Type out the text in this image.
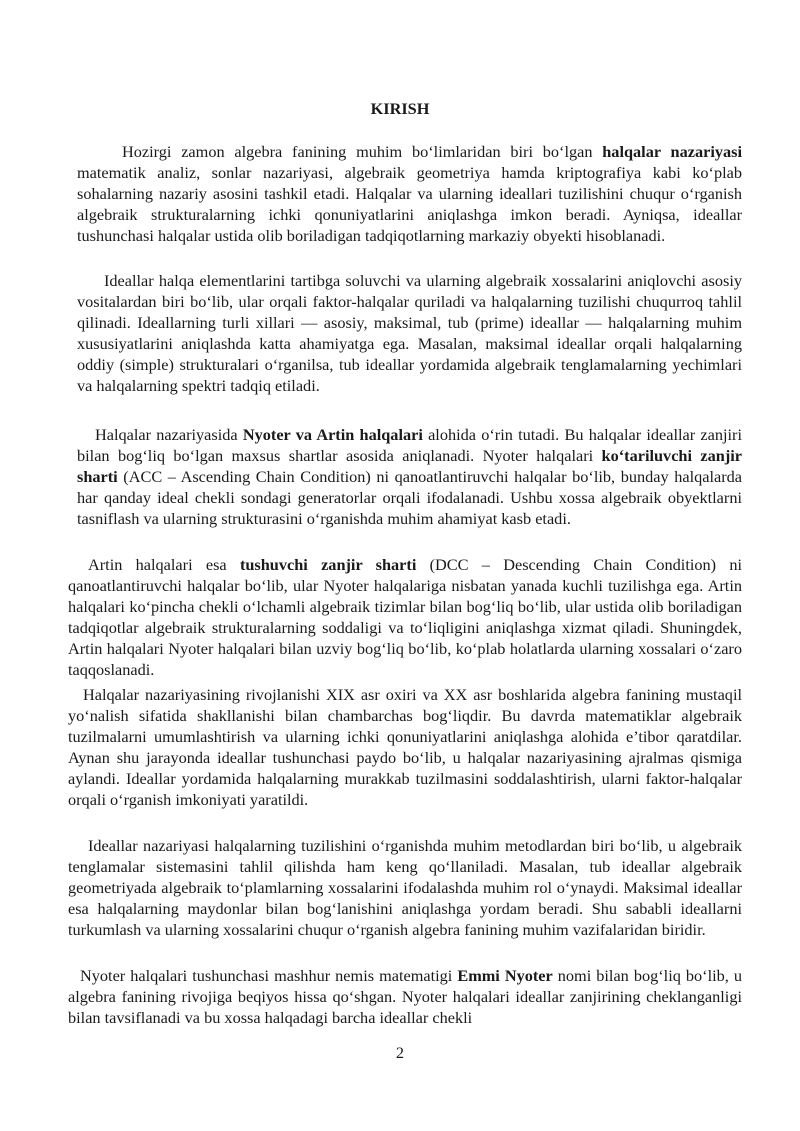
KIRISH

Hozirgi zamon algebra fanining muhim bo‘limlaridan biri bo‘lgan halqalar nazariyasi matematik analiz, sonlar nazariyasi, algebraik geometriya hamda kriptografiya kabi ko‘plab sohalarning nazariy asosini tashkil etadi. Halqalar va ularning ideallari tuzilishini chuqur o‘rganish algebraik strukturalarning ichki qonuniyatlarini aniqlashga imkon beradi. Ayniqsa, ideallar tushunchasi halqalar ustida olib boriladigan tadqiqotlarning markaziy obyekti hisoblanadi.

Ideallar halqa elementlarini tartibga soluvchi va ularning algebraik xossalarini aniqlovchi asosiy vositalardan biri bo‘lib, ular orqali faktor-halqalar quriladi va halqalarning tuzilishi chuqurroq tahlil qilinadi. Ideallarning turli xillari — asosiy, maksimal, tub (prime) ideallar — halqalarning muhim xususiyatlarini aniqlashda katta ahamiyatga ega. Masalan, maksimal ideallar orqali halqalarning oddiy (simple) strukturalari o‘rganilsa, tub ideallar yordamida algebraik tenglamalarning yechimlari va halqalarning spektri tadqiq etiladi.

Halqalar nazariyasida Nyoter va Artin halqalari alohida o‘rin tutadi. Bu halqalar ideallar zanjiri bilan bog‘liq bo‘lgan maxsus shartlar asosida aniqlanadi. Nyoter halqalari ko‘tariluvchi zanjir sharti (ACC – Ascending Chain Condition) ni qanoatlantiruvchi halqalar bo‘lib, bunday halqalarda har qanday ideal chekli sondagi generatorlar orqali ifodalanadi. Ushbu xossa algebraik obyektlarni tasniflash va ularning strukturasini o‘rganishda muhim ahamiyat kasb etadi.

Artin halqalari esa tushuvchi zanjir sharti (DCC – Descending Chain Condition) ni qanoatlantiruvchi halqalar bo‘lib, ular Nyoter halqalariga nisbatan yanada kuchli tuzilishga ega. Artin halqalari ko‘pincha chekli o‘lchamli algebraik tizimlar bilan bog‘liq bo‘lib, ular ustida olib boriladigan tadqiqotlar algebraik strukturalarning soddaligi va to‘liqligini aniqlashga xizmat qiladi. Shuningdek, Artin halqalari Nyoter halqalari bilan uzviy bog‘liq bo‘lib, ko‘plab holatlarda ularning xossalari o‘zaro taqqoslanadi.

Halqalar nazariyasining rivojlanishi XIX asr oxiri va XX asr boshlarida algebra fanining mustaqil yo‘nalish sifatida shakllanishi bilan chambarchas bog‘liqdir. Bu davrda matematiklar algebraik tuzilmalarni umumlashtirish va ularning ichki qonuniyatlarini aniqlashga alohida e’tibor qaratdilar. Aynan shu jarayonda ideallar tushunchasi paydo bo‘lib, u halqalar nazariyasining ajralmas qismiga aylandi. Ideallar yordamida halqalarning murakkab tuzilmasini soddalashtirish, ularni faktor-halqalar orqali o‘rganish imkoniyati yaratildi.

Ideallar nazariyasi halqalarning tuzilishini o‘rganishda muhim metodlardan biri bo‘lib, u algebraik tenglamalar sistemasini tahlil qilishda ham keng qo‘llaniladi. Masalan, tub ideallar algebraik geometriyada algebraik to‘plamlarning xossalarini ifodalashda muhim rol o‘ynaydi. Maksimal ideallar esa halqalarning maydonlar bilan bog‘lanishini aniqlashga yordam beradi. Shu sababli ideallarni turkumlash va ularning xossalarini chuqur o‘rganish algebra fanining muhim vazifalaridan biridir.

Nyoter halqalari tushunchasi mashhur nemis matematigi Emmi Nyoter nomi bilan bog‘liq bo‘lib, u algebra fanining rivojiga beqiyos hissa qo‘shgan. Nyoter halqalari ideallar zanjirining cheklanganligi bilan tavsiflanadi va bu xossa halqadagi barcha ideallar chekli

2
